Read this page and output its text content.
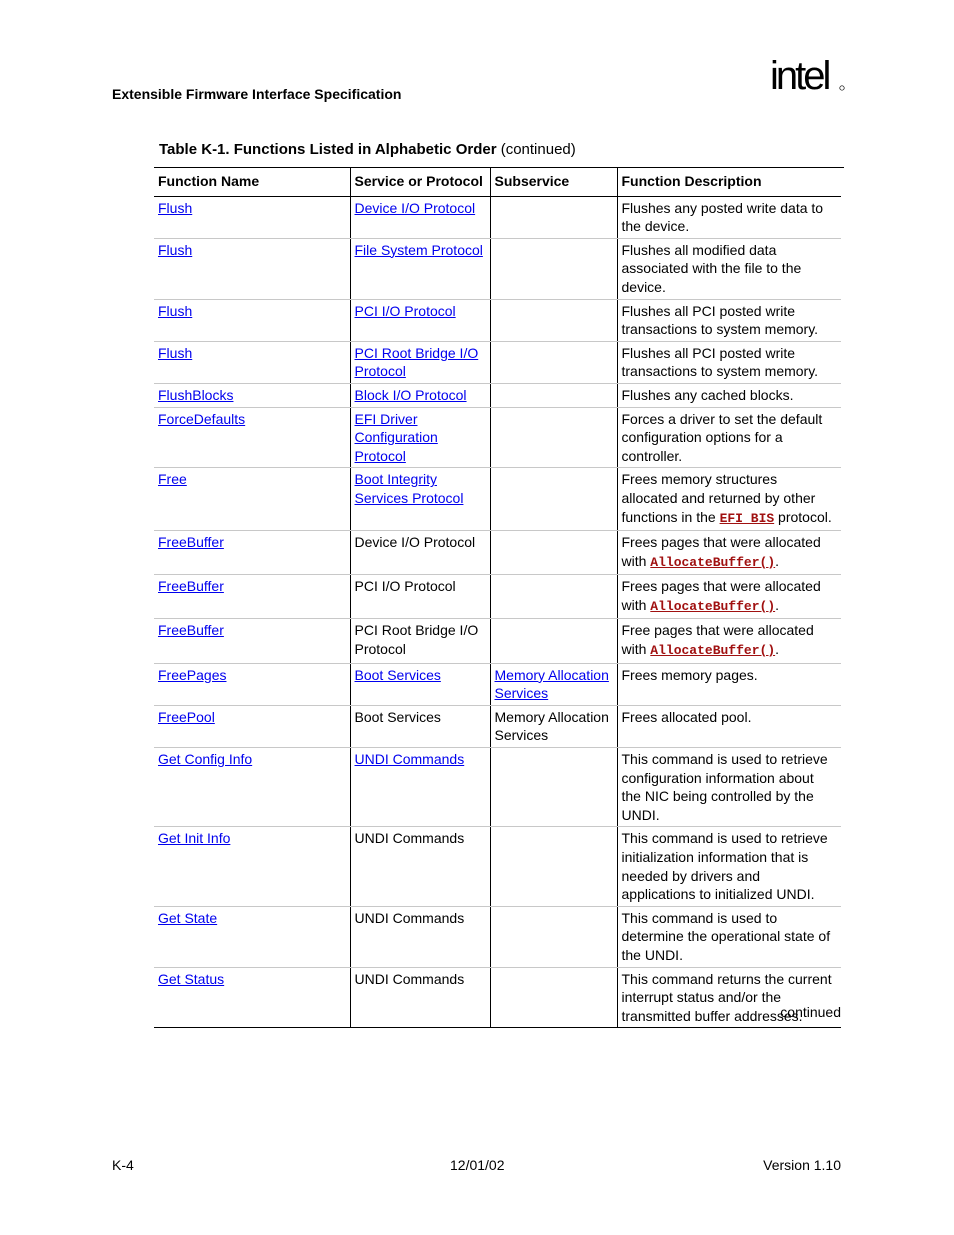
Extensible Firmware Interface Specification	intel
Table K-1. Functions Listed in Alphabetic Order (continued)
Function Name	Service or Protocol	Subservice	Function Description
Flush	Device I/O Protocol		Flushes any posted write data to the device.
Flush	File System Protocol		Flushes all modified data associated with the file to the device.
Flush	PCI I/O Protocol		Flushes all PCI posted write transactions to system memory.
Flush	PCI Root Bridge I/O Protocol		Flushes all PCI posted write transactions to system memory.
FlushBlocks	Block I/O Protocol		Flushes any cached blocks.
ForceDefaults	EFI Driver Configuration Protocol		Forces a driver to set the default configuration options for a controller.
Free	Boot Integrity Services Protocol		Frees memory structures allocated and returned by other functions in the EFI_BIS protocol.
FreeBuffer	Device I/O Protocol		Frees pages that were allocated with AllocateBuffer().
FreeBuffer	PCI I/O Protocol		Frees pages that were allocated with AllocateBuffer().
FreeBuffer	PCI Root Bridge I/O Protocol		Free pages that were allocated with AllocateBuffer().
FreePages	Boot Services	Memory Allocation Services	Frees memory pages.
FreePool	Boot Services	Memory Allocation Services	Frees allocated pool.
Get Config Info	UNDI Commands		This command is used to retrieve configuration information about the NIC being controlled by the UNDI.
Get Init Info	UNDI Commands		This command is used to retrieve initialization information that is needed by drivers and applications to initialized UNDI.
Get State	UNDI Commands		This command is used to determine the operational state of the UNDI.
Get Status	UNDI Commands		This command returns the current interrupt status and/or the transmitted buffer addresses.
continued
K-4	12/01/02	Version 1.10
